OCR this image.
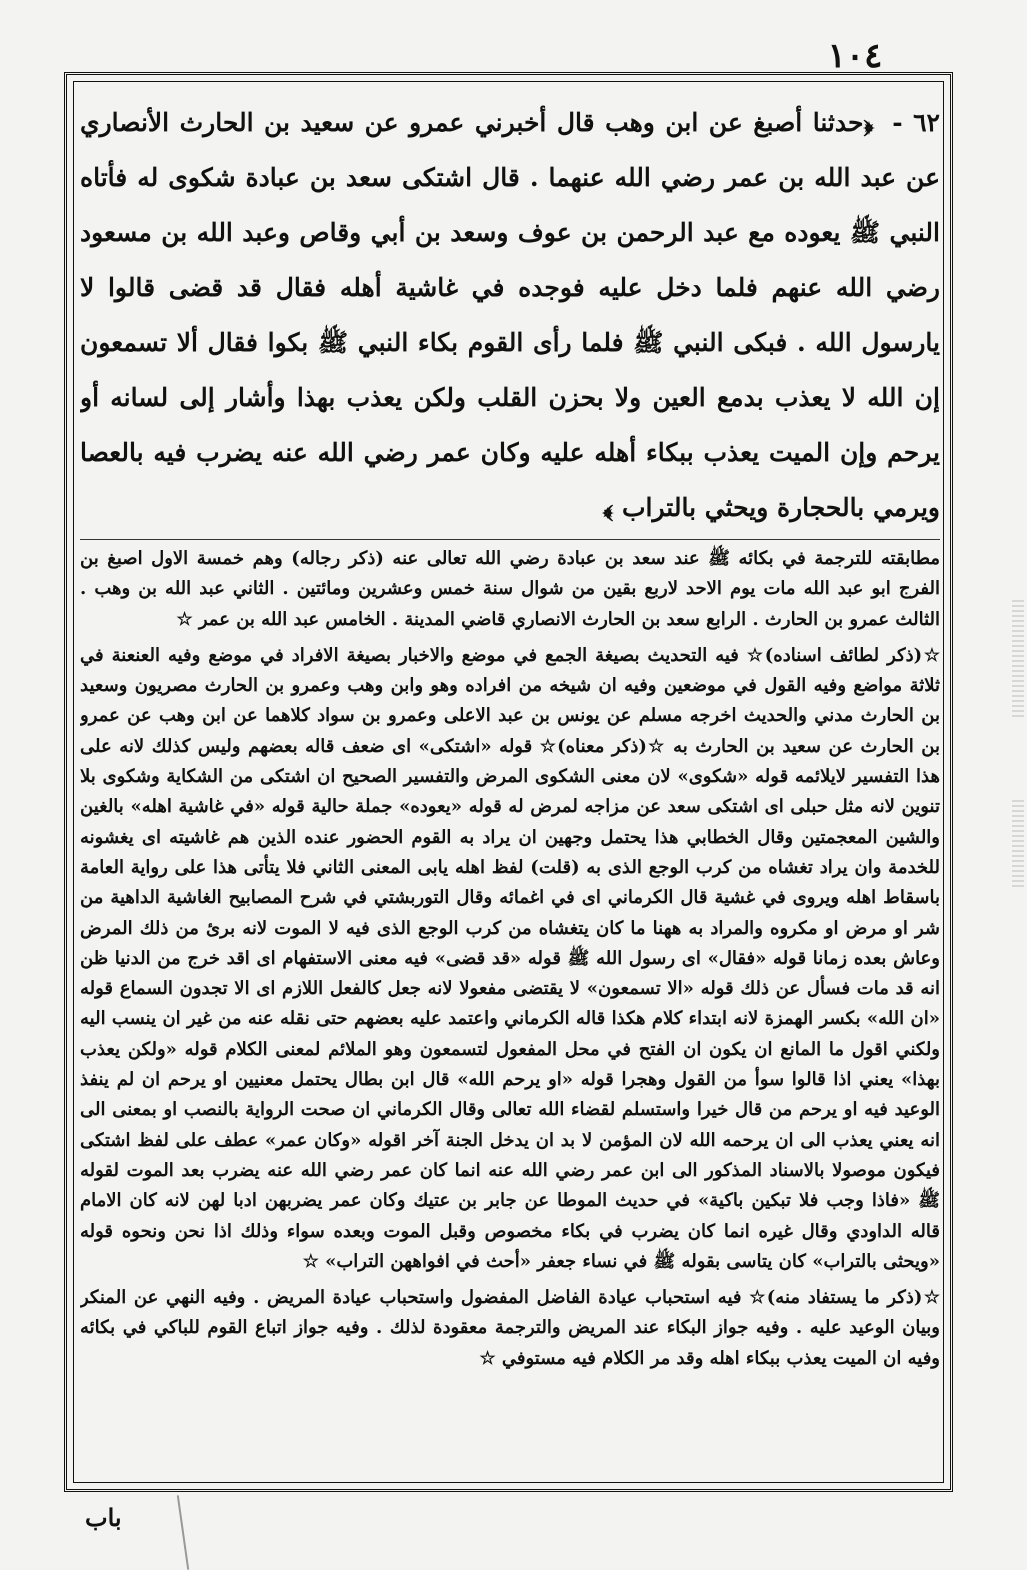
١٠٤

٦٢ - ﴿حدثنا أصبغ عن ابن وهب قال أخبرني عمرو عن سعيد بن الحارث الأنصاري عن عبد الله بن عمر رضي الله عنهما . قال اشتكى سعد بن عبادة شكوى له فأتاه النبي ﷺ يعوده مع عبد الرحمن بن عوف وسعد بن أبي وقاص وعبد الله بن مسعود رضي الله عنهم فلما دخل عليه فوجده في غاشية أهله فقال قد قضى قالوا لا يارسول الله . فبكى النبي ﷺ فلما رأى القوم بكاء النبي ﷺ بكوا فقال ألا تسمعون إن الله لا يعذب بدمع العين ولا بحزن القلب ولكن يعذب بهذا وأشار إلى لسانه أو يرحم وإن الميت يعذب ببكاء أهله عليه وكان عمر رضي الله عنه يضرب فيه بالعصا ويرمي بالحجارة ويحثي بالتراب ﴾

مطابقته للترجمة في بكائه ﷺ عند سعد بن عبادة رضي الله تعالى عنه (ذكر رجاله) وهم خمسة الاول اصبغ بن الفرج ابو عبد الله مات يوم الاحد لاربع بقين من شوال سنة خمس وعشرين ومائتين . الثاني عبد الله بن وهب . الثالث عمرو بن الحارث . الرابع سعد بن الحارث الانصاري قاضي المدينة . الخامس عبد الله بن عمر ☆

☆(ذكر لطائف اسناده)☆ فيه التحديث بصيغة الجمع في موضع والاخبار بصيغة الافراد في موضع وفيه العنعنة في ثلاثة مواضع وفيه القول في موضعين وفيه ان شيخه من افراده وهو وابن وهب وعمرو بن الحارث مصريون وسعيد بن الحارث مدني والحديث اخرجه مسلم عن يونس بن عبد الاعلى وعمرو بن سواد كلاهما عن ابن وهب عن عمرو بن الحارث عن سعيد بن الحارث به ☆(ذكر معناه)☆ قوله «اشتكى» اى ضعف قاله بعضهم وليس كذلك لانه على هذا التفسير لايلائمه قوله «شكوى» لان معنى الشكوى المرض والتفسير الصحيح ان اشتكى من الشكاية وشكوى بلا تنوين لانه مثل حبلى اى اشتكى سعد عن مزاجه لمرض له قوله «يعوده» جملة حالية قوله «في غاشية اهله» بالغين والشين المعجمتين وقال الخطابي هذا يحتمل وجهين ان يراد به القوم الحضور عنده الذين هم غاشيته اى يغشونه للخدمة وان يراد تغشاه من كرب الوجع الذى به (قلت) لفظ اهله يابى المعنى الثاني فلا يتأتى هذا على رواية العامة باسقاط اهله ويروى في غشية قال الكرماني اى في اغمائه وقال التوربشتي في شرح المصابيح الغاشية الداهية من شر او مرض او مكروه والمراد به ههنا ما كان يتغشاه من كرب الوجع الذى فيه لا الموت لانه برئ من ذلك المرض وعاش بعده زمانا قوله «فقال» اى رسول الله ﷺ قوله «قد قضى» فيه معنى الاستفهام اى اقد خرج من الدنيا ظن انه قد مات فسأل عن ذلك قوله «الا تسمعون» لا يقتضى مفعولا لانه جعل كالفعل اللازم اى الا تجدون السماع قوله «ان الله» بكسر الهمزة لانه ابتداء كلام هكذا قاله الكرماني واعتمد عليه بعضهم حتى نقله عنه من غير ان ينسب اليه ولكني اقول ما المانع ان يكون ان الفتح في محل المفعول لتسمعون وهو الملائم لمعنى الكلام قوله «ولكن يعذب بهذا» يعني اذا قالوا سوأ من القول وهجرا قوله «او يرحم الله» قال ابن بطال يحتمل معنيين او يرحم ان لم ينفذ الوعيد فيه او يرحم من قال خيرا واستسلم لقضاء الله تعالى وقال الكرماني ان صحت الرواية بالنصب او بمعنى الى انه يعني يعذب الى ان يرحمه الله لان المؤمن لا بد ان يدخل الجنة آخر اقوله «وكان عمر» عطف على لفظ اشتكى فيكون موصولا بالاسناد المذكور الى ابن عمر رضي الله عنه انما كان عمر رضي الله عنه يضرب بعد الموت لقوله ﷺ «فاذا وجب فلا تبكين باكية» في حديث الموطا عن جابر بن عتيك وكان عمر يضربهن ادبا لهن لانه كان الامام قاله الداودي وقال غيره انما كان يضرب في بكاء مخصوص وقبل الموت وبعده سواء وذلك اذا نحن ونحوه قوله «ويحثى بالتراب» كان يتاسى بقوله ﷺ في نساء جعفر «أحث في افواههن التراب» ☆

☆(ذكر ما يستفاد منه)☆ فيه استحباب عيادة الفاضل المفضول واستحباب عيادة المريض . وفيه النهي عن المنكر وبيان الوعيد عليه . وفيه جواز البكاء عند المريض والترجمة معقودة لذلك . وفيه جواز اتباع القوم للباكي في بكائه وفيه ان الميت يعذب ببكاء اهله وقد مر الكلام فيه مستوفي ☆

باب
